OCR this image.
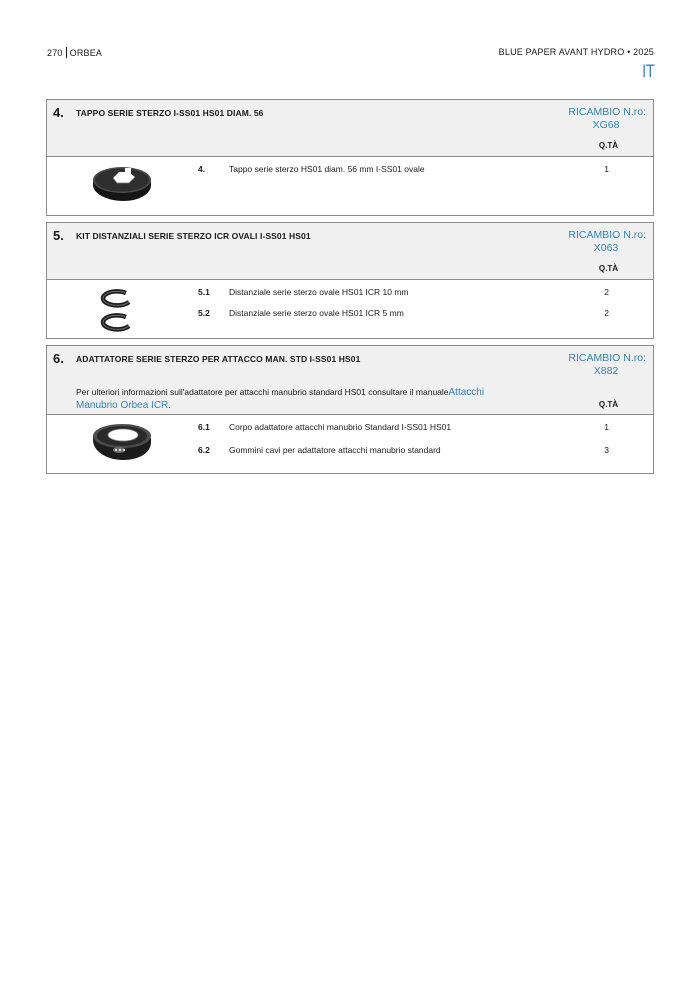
270 ORBEA	BLUE PAPER AVANT HYDRO • 2025
IT
4. TAPPO SERIE STERZO I-SS01 HS01 DIAM. 56	RICAMBIO N.ro:
XG68
Q.TÀ
4.	Tappo serie sterzo HS01 diam. 56 mm I-SS01 ovale	1
5. KIT DISTANZIALI SERIE STERZO ICR OVALI I-SS01 HS01	RICAMBIO N.ro:
X063
Q.TÀ
5.1 Distanziale serie sterzo ovale HS01 ICR 10 mm	2
5.2 Distanziale serie sterzo ovale HS01 ICR 5 mm	2
6. ADATTATORE SERIE STERZO PER ATTACCO MAN. STD I-SS01 HS01	RICAMBIO N.ro:
X882
Per ulteriori informazioni sull'adattatore per attacchi manubrio standard HS01 consultare il manualeAttacchi
Manubrio Orbea ICR.	Q.TÀ
6.1 Corpo adattatore attacchi manubrio Standard I-SS01 HS01	1
6.2 Gommini cavi per adattatore attacchi manubrio standard	3
